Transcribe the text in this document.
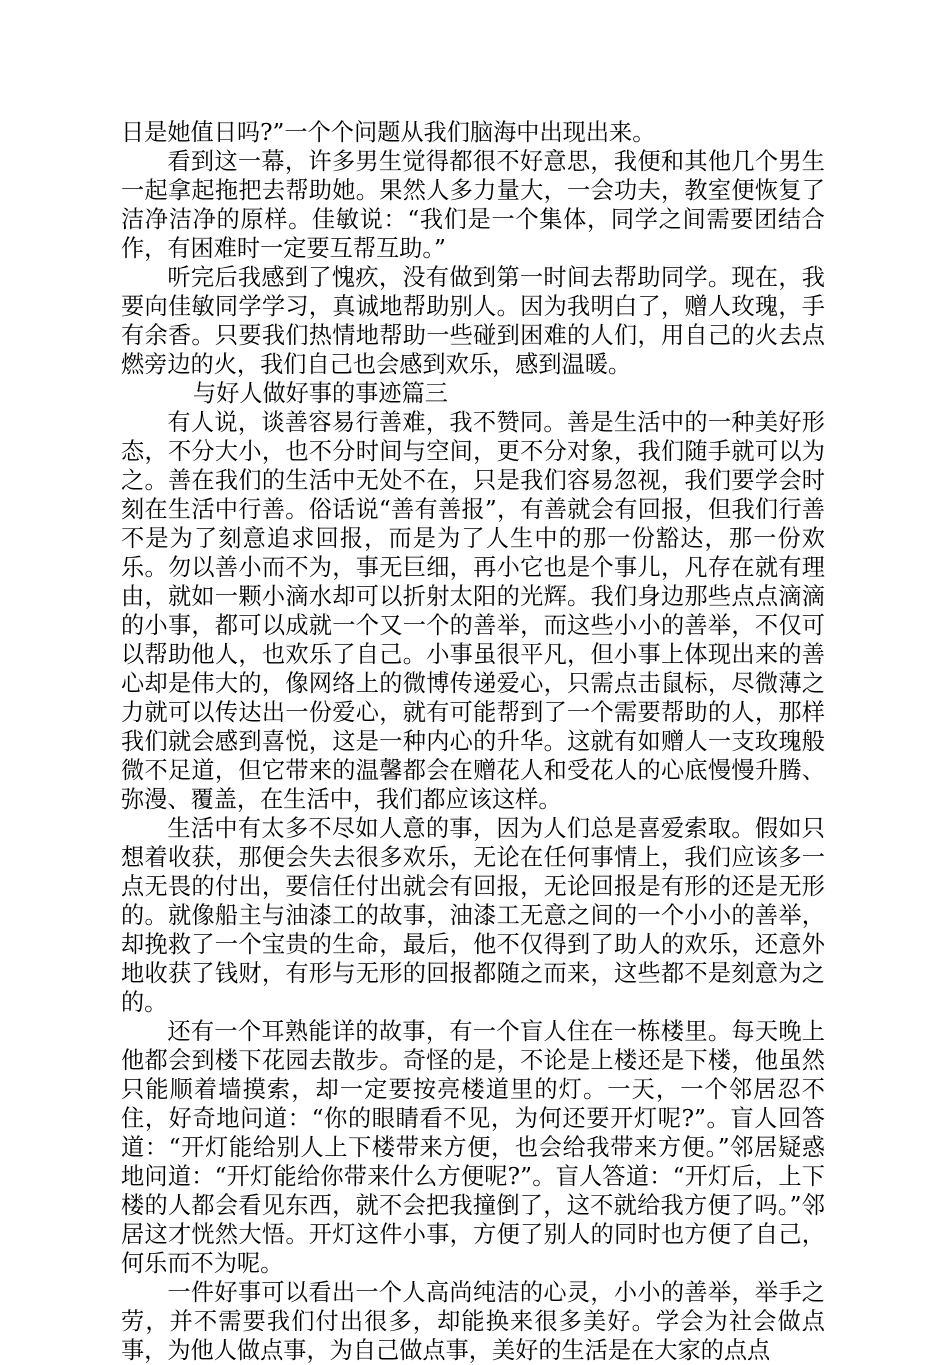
日是她值日吗?”一个个问题从我们脑海中出现出来。

看到这一幕，许多男生觉得都很不好意思，我便和其他几个男生一起拿起拖把去帮助她。果然人多力量大，一会功夫，教室便恢复了洁净洁净的原样。佳敏说：“我们是一个集体，同学之间需要团结合作，有困难时一定要互帮互助。”

听完后我感到了愧疚，没有做到第一时间去帮助同学。现在，我要向佳敏同学学习，真诚地帮助别人。因为我明白了，赠人玫瑰，手有余香。只要我们热情地帮助一些碰到困难的人们，用自己的火去点燃旁边的火，我们自己也会感到欢乐，感到温暖。

与好人做好事的事迹篇三

有人说，谈善容易行善难，我不赞同。善是生活中的一种美好形态，不分大小，也不分时间与空间，更不分对象，我们随手就可以为之。善在我们的生活中无处不在，只是我们容易忽视，我们要学会时刻在生活中行善。俗话说“善有善报”，有善就会有回报，但我们行善不是为了刻意追求回报，而是为了人生中的那一份豁达，那一份欢乐。勿以善小而不为，事无巨细，再小它也是个事儿，凡存在就有理由，就如一颗小滴水却可以折射太阳的光辉。我们身边那些点点滴滴的小事，都可以成就一个又一个的善举，而这些小小的善举，不仅可以帮助他人，也欢乐了自己。小事虽很平凡，但小事上体现出来的善心却是伟大的，像网络上的微博传递爱心，只需点击鼠标，尽微薄之力就可以传达出一份爱心，就有可能帮到了一个需要帮助的人，那样我们就会感到喜悦，这是一种内心的升华。这就有如赠人一支玫瑰般微不足道，但它带来的温馨都会在赠花人和受花人的心底慢慢升腾、弥漫、覆盖，在生活中，我们都应该这样。

生活中有太多不尽如人意的事，因为人们总是喜爱索取。假如只想着收获，那便会失去很多欢乐，无论在任何事情上，我们应该多一点无畏的付出，要信任付出就会有回报，无论回报是有形的还是无形的。就像船主与油漆工的故事，油漆工无意之间的一个小小的善举，却挽救了一个宝贵的生命，最后，他不仅得到了助人的欢乐，还意外地收获了钱财，有形与无形的回报都随之而来，这些都不是刻意为之的。

还有一个耳熟能详的故事，有一个盲人住在一栋楼里。每天晚上他都会到楼下花园去散步。奇怪的是，不论是上楼还是下楼，他虽然只能顺着墙摸索，却一定要按亮楼道里的灯。一天，一个邻居忍不住，好奇地问道：“你的眼睛看不见，为何还要开灯呢?”。盲人回答道：“开灯能给别人上下楼带来方便，也会给我带来方便。”邻居疑惑地问道：“开灯能给你带来什么方便呢?”。盲人答道：“开灯后，上下楼的人都会看见东西，就不会把我撞倒了，这不就给我方便了吗。”邻居这才恍然大悟。开灯这件小事，方便了别人的同时也方便了自己，何乐而不为呢。

一件好事可以看出一个人高尚纯洁的心灵，小小的善举，举手之劳，并不需要我们付出很多，却能换来很多美好。学会为社会做点事，为他人做点事，为自己做点事，美好的生活是在大家的点点
